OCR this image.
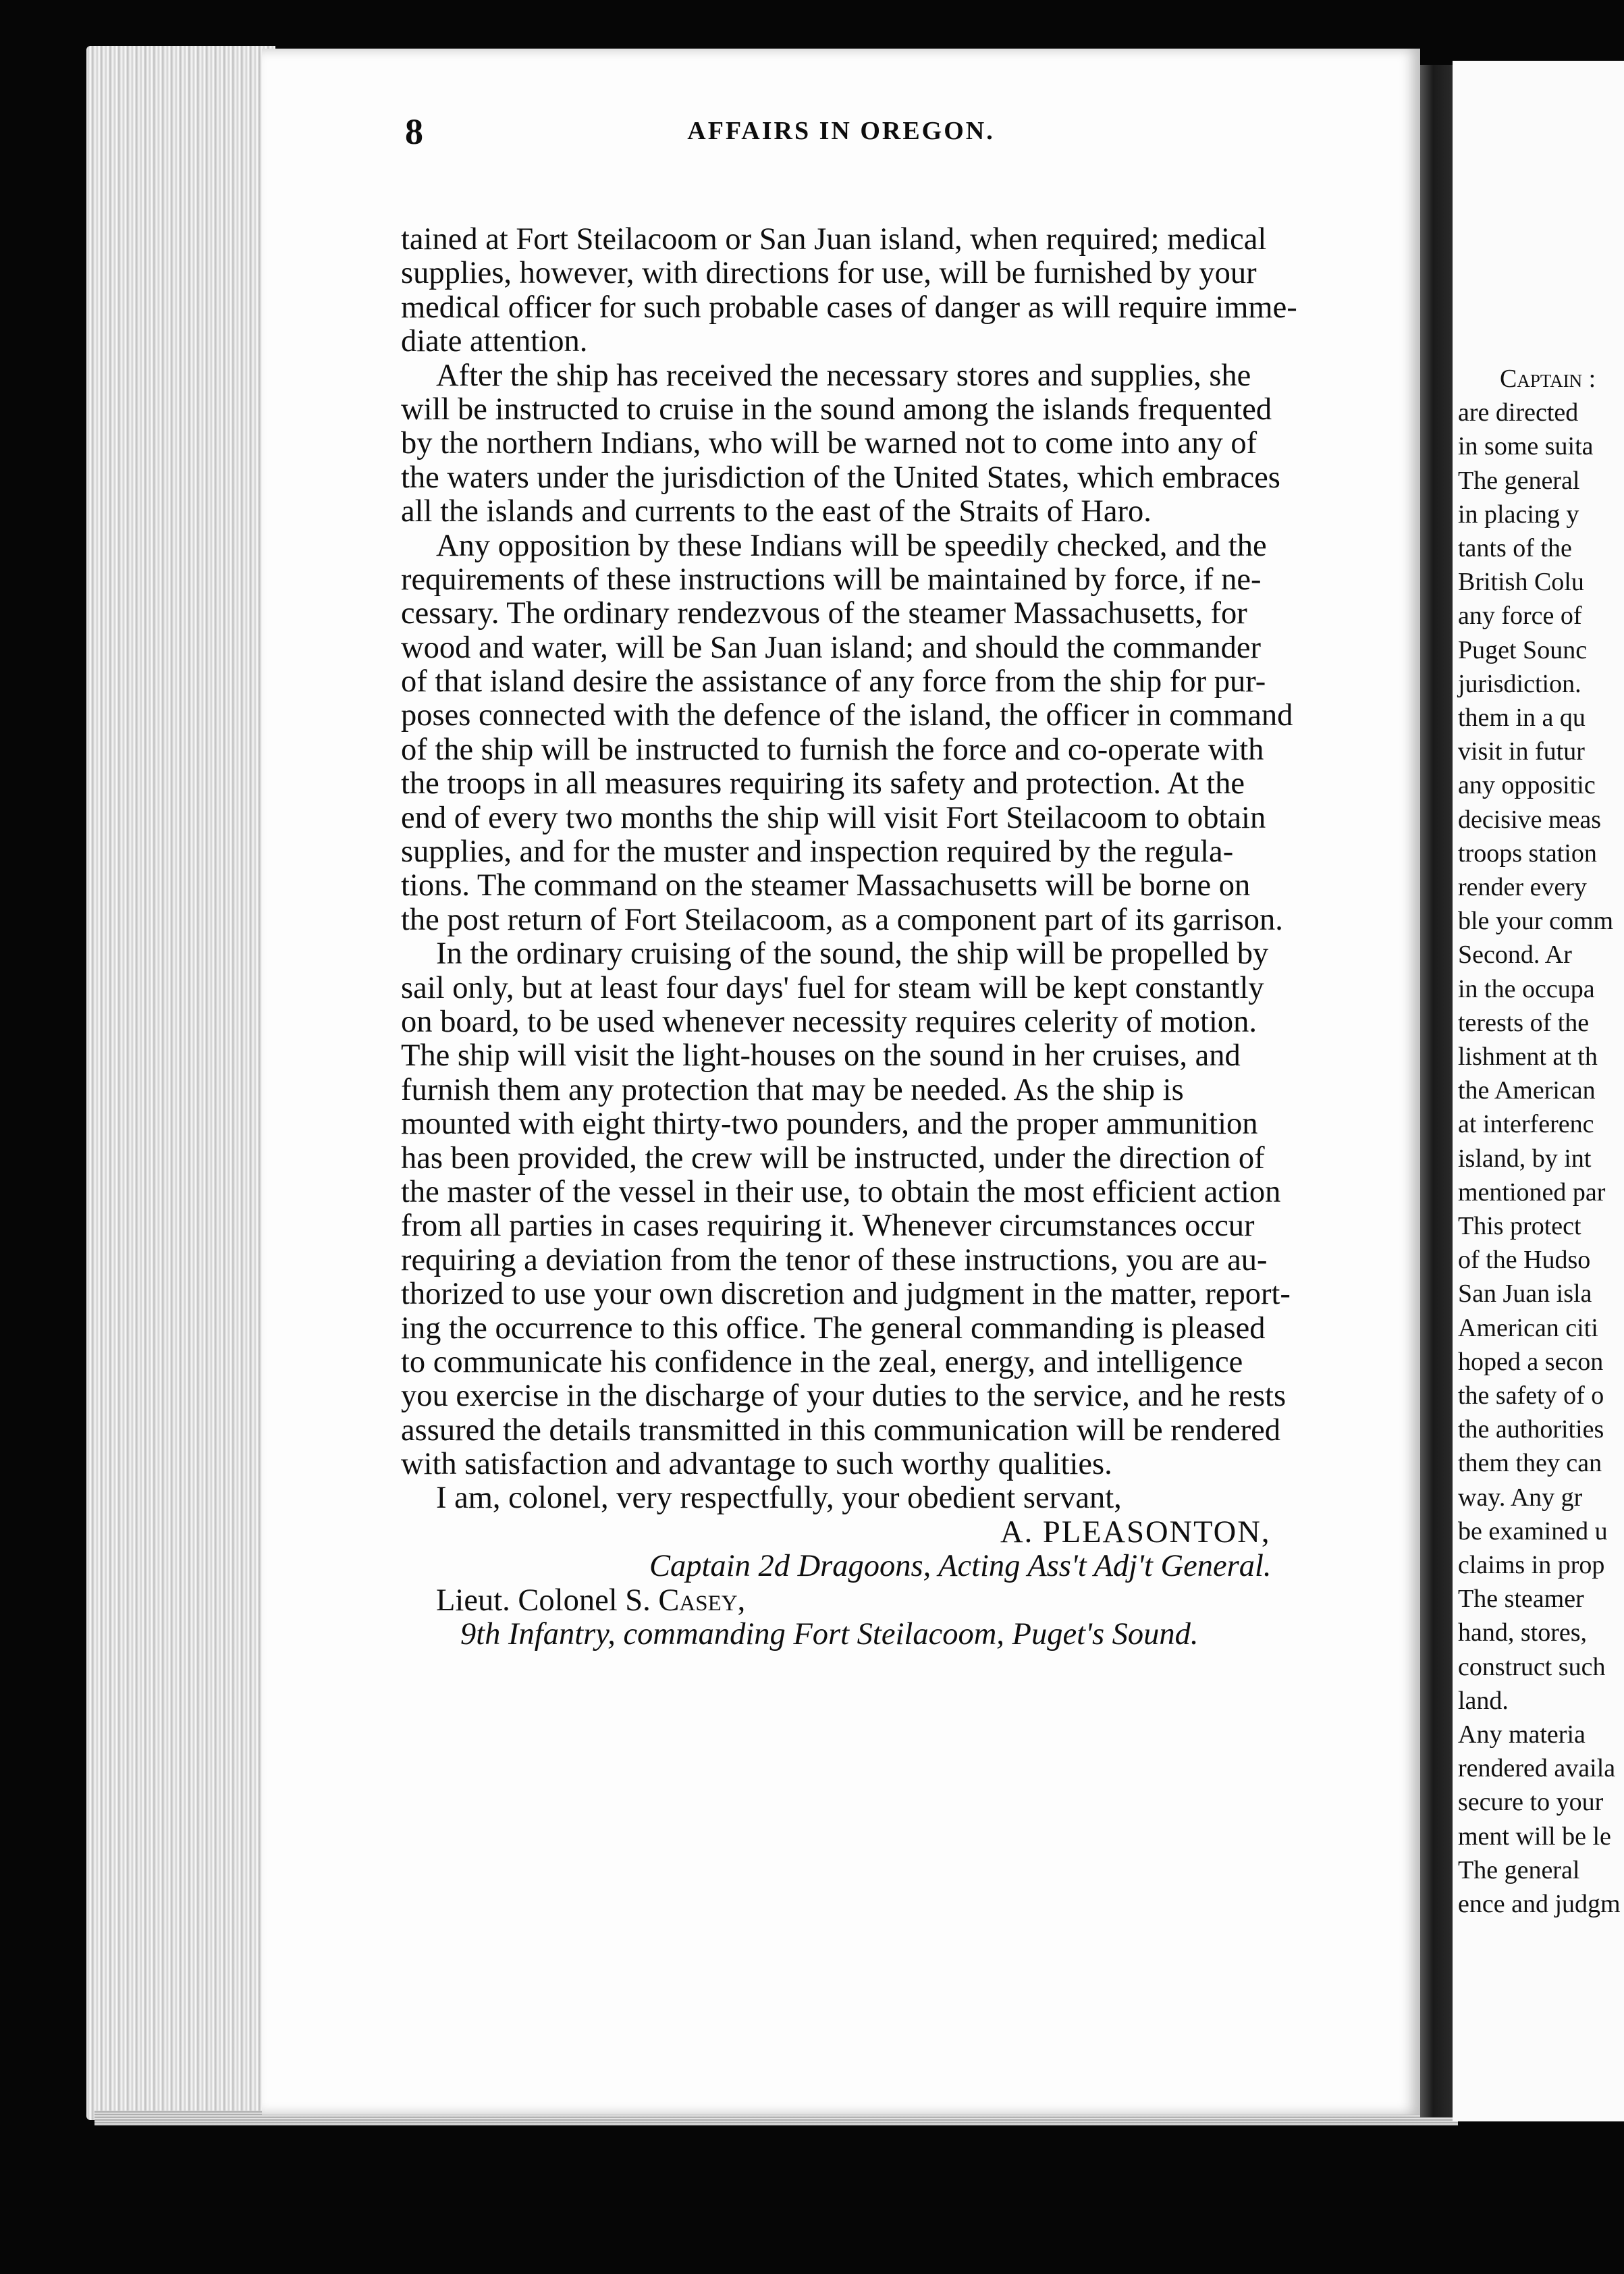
8	AFFAIRS IN OREGON.
tained at Fort Steilacoom or San Juan island, when required; medical
supplies, however, with directions for use, will be furnished by your
medical officer for such probable cases of danger as will require imme-
diate attention.
After the ship has received the necessary stores and supplies, she
will be instructed to cruise in the sound among the islands frequented
by the northern Indians, who will be warned not to come into any of
the waters under the jurisdiction of the United States, which embraces
all the islands and currents to the east of the Straits of Haro.
Any opposition by these Indians will be speedily checked, and the
requirements of these instructions will be maintained by force, if ne-
cessary. The ordinary rendezvous of the steamer Massachusetts, for
wood and water, will be San Juan island; and should the commander
of that island desire the assistance of any force from the ship for pur-
poses connected with the defence of the island, the officer in command
of the ship will be instructed to furnish the force and co-operate with
the troops in all measures requiring its safety and protection. At the
end of every two months the ship will visit Fort Steilacoom to obtain
supplies, and for the muster and inspection required by the regula-
tions. The command on the steamer Massachusetts will be borne on
the post return of Fort Steilacoom, as a component part of its garrison.
In the ordinary cruising of the sound, the ship will be propelled by
sail only, but at least four days' fuel for steam will be kept constantly
on board, to be used whenever necessity requires celerity of motion.
The ship will visit the light-houses on the sound in her cruises, and
furnish them any protection that may be needed. As the ship is
mounted with eight thirty-two pounders, and the proper ammunition
has been provided, the crew will be instructed, under the direction of
the master of the vessel in their use, to obtain the most efficient action
from all parties in cases requiring it. Whenever circumstances occur
requiring a deviation from the tenor of these instructions, you are au-
thorized to use your own discretion and judgment in the matter, report-
ing the occurrence to this office. The general commanding is pleased
to communicate his confidence in the zeal, energy, and intelligence
you exercise in the discharge of your duties to the service, and he rests
assured the details transmitted in this communication will be rendered
with satisfaction and advantage to such worthy qualities.
I am, colonel, very respectfully, your obedient servant,
A. PLEASONTON,
Captain 2d Dragoons, Acting Ass't Adj't General.
Lieut. Colonel S. Casey,
9th Infantry, commanding Fort Steilacoom, Puget's Sound.
Captain :
are directed
in some suita
The general
in placing y
tants of the
British Colu
any force of
Puget Sounc
jurisdiction.
them in a qu
visit in futur
any oppositic
decisive meas
troops station
render every
ble your comm
Second. Ar
in the occupa
terests of the
lishment at th
the American
at interferenc
island, by int
mentioned par
This protect
of the Hudso
San Juan isla
American citi
hoped a secon
the safety of o
the authorities
them they can
way. Any gr
be examined u
claims in prop
The steamer
hand, stores,
construct such
land.
Any materia
rendered availa
secure to your
ment will be le
The general
ence and judgm
